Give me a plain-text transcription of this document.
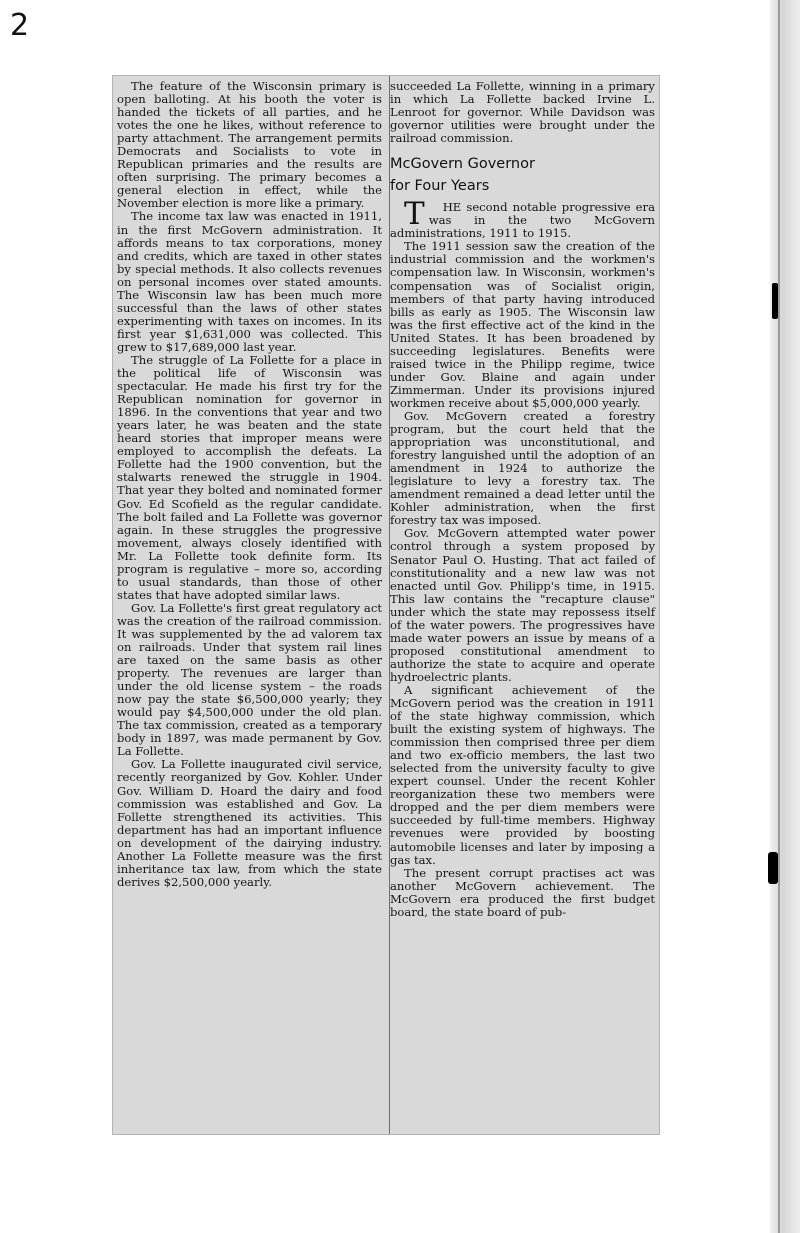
2

The feature of the Wisconsin primary is open balloting. At his booth the voter is handed the tickets of all parties, and he votes the one he likes, without reference to party attachment. The arrangement permits Democrats and Socialists to vote in Republican primaries and the results are often surprising. The primary becomes a general election in effect, while the November election is more like a primary.

The income tax law was enacted in 1911, in the first McGovern administration. It affords means to tax corporations, money and credits, which are taxed in other states by special methods. It also collects revenues on personal incomes over stated amounts. The Wisconsin law has been much more successful than the laws of other states experimenting with taxes on incomes. In its first year $1,631,000 was collected. This grew to $17,689,000 last year.

The struggle of La Follette for a place in the political life of Wisconsin was spectacular. He made his first try for the Republican nomination for governor in 1896. In the conventions that year and two years later, he was beaten and the state heard stories that improper means were employed to accomplish the defeats. La Follette had the 1900 convention, but the stalwarts renewed the struggle in 1904. That year they bolted and nominated former Gov. Ed Scofield as the regular candidate. The bolt failed and La Follette was governor again. In these struggles the progressive movement, always closely identified with Mr. La Follette took definite form. Its program is regulative – more so, according to usual standards, than those of other states that have adopted similar laws.

Gov. La Follette's first great regulatory act was the creation of the railroad commission. It was supplemented by the ad valorem tax on railroads. Under that system rail lines are taxed on the same basis as other property. The revenues are larger than under the old license system – the roads now pay the state $6,500,000 yearly; they would pay $4,500,000 under the old plan. The tax commission, created as a temporary body in 1897, was made permanent by Gov. La Follette.

Gov. La Follette inaugurated civil service, recently reorganized by Gov. Kohler. Under Gov. William D. Hoard the dairy and food commission was established and Gov. La Follette strengthened its activities. This department has had an important influence on development of the dairying industry. Another La Follette measure was the first inheritance tax law, from which the state derives $2,500,000 yearly.

succeeded La Follette, winning in a primary in which La Follette backed Irvine L. Lenroot for governor. While Davidson was governor utilities were brought under the railroad commission.

McGovern Governor
for Four Years

T HE second notable progressive era was in the two McGovern administrations, 1911 to 1915.

The 1911 session saw the creation of the industrial commission and the workmen's compensation law. In Wisconsin, workmen's compensation was of Socialist origin, members of that party having introduced bills as early as 1905. The Wisconsin law was the first effective act of the kind in the United States. It has been broadened by succeeding legislatures. Benefits were raised twice in the Philipp regime, twice under Gov. Blaine and again under Zimmerman. Under its provisions injured workmen receive about $5,000,000 yearly.

Gov. McGovern created a forestry program, but the court held that the appropriation was unconstitutional, and forestry languished until the adoption of an amendment in 1924 to authorize the legislature to levy a forestry tax. The amendment remained a dead letter until the Kohler administration, when the first forestry tax was imposed.

Gov. McGovern attempted water power control through a system proposed by Senator Paul O. Husting. That act failed of constitutionality and a new law was not enacted until Gov. Philipp's time, in 1915. This law contains the "recapture clause" under which the state may repossess itself of the water powers. The progressives have made water powers an issue by means of a proposed constitutional amendment to authorize the state to acquire and operate hydroelectric plants.

A significant achievement of the McGovern period was the creation in 1911 of the state highway commission, which built the existing system of highways. The commission then comprised three per diem and two ex-officio members, the last two selected from the university faculty to give expert counsel. Under the recent Kohler reorganization these two members were dropped and the per diem members were succeeded by full-time members. Highway revenues were provided by boosting automobile licenses and later by imposing a gas tax.

The present corrupt practises act was another McGovern achievement. The McGovern era produced the first budget board, the state board of pub-
